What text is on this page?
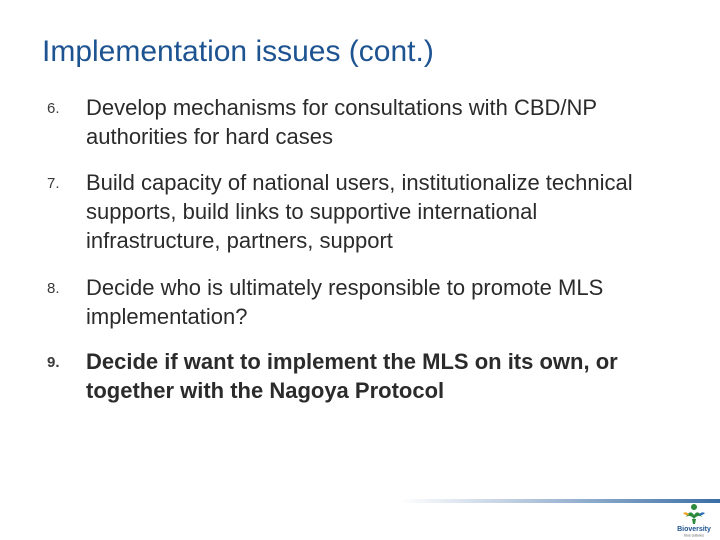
Implementation issues (cont.)
6. Develop mechanisms for consultations with CBD/NP authorities for hard cases
7. Build capacity of national users, institutionalize technical supports, build links to supportive international infrastructure, partners, support
8. Decide who is ultimately responsible to promote MLS implementation?
9. Decide if want to implement the MLS on its own, or together with the Nagoya Protocol
Bioversity
bios cultures
